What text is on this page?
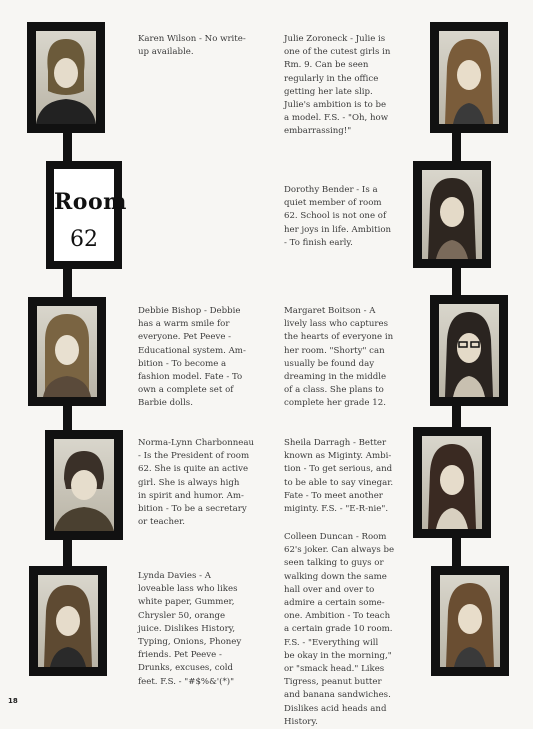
Room
62

Karen Wilson - No write-
up available.

Julie Zoroneck - Julie is
one of the cutest girls in
Rm. 9. Can be seen
regularly in the office
getting her late slip.
Julie's ambition is to be
a model. F.S. - "Oh, how
embarrassing!"

Dorothy Bender - Is a
quiet member of room
62. School is not one of
her joys in life. Ambition
- To finish early.

Debbie Bishop - Debbie
has a warm smile for
everyone. Pet Peeve -
Educational system. Am-
bition - To become a
fashion model. Fate - To
own a complete set of
Barbie dolls.

Margaret Boitson - A
lively lass who captures
the hearts of everyone in
her room. "Shorty" can
usually be found day
dreaming in the middle
of a class. She plans to
complete her grade 12.

Norma-Lynn Charbonneau
- Is the President of room
62. She is quite an active
girl. She is always high
in spirit and humor. Am-
bition - To be a secretary
or teacher.

Sheila Darragh - Better
known as Miginty. Ambi-
tion - To get serious, and
to be able to say vinegar.
Fate - To meet another
miginty. F.S. - "E-R-nie".

Colleen Duncan - Room
62's joker. Can always be
seen talking to guys or
walking down the same
hall over and over to
admire a certain some-
one. Ambition - To teach
a certain grade 10 room.
F.S. - "Everything will
be okay in the morning,"
or "smack head." Likes
Tigress, peanut butter
and banana sandwiches.
Dislikes acid heads and
History.

Lynda Davies - A
loveable lass who likes
white paper, Gummer,
Chrysler 50, orange
juice. Dislikes History,
Typing, Onions, Phoney
friends. Pet Peeve -
Drunks, excuses, cold
feet. F.S. - "#$%&'(*)"

18
